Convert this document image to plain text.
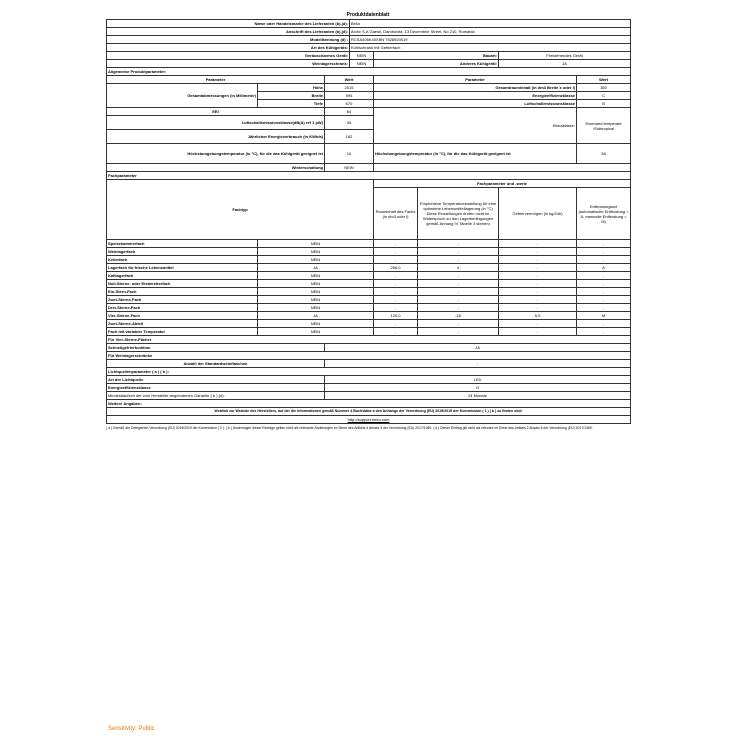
Produktdatenblatt
Name oder Handelsmarke des Lieferanten (b),(d):			Beko				
Anschrift des Lieferanten (b),(d):			Arctic S.A Gaesti, Dambovita, 13 Decembrie Street, No 210, Romania				
Modellkennung (d) :			RCSA406K40XBN 7528920019				
Art des Kühlgeräts:			Kühlschrank mit Gefrierfach				
Geräuscharmes Gerät:			NEIN	Bauart:		Freistehendes Gerät	
Weinlagerschrank:			NEIN	Anderes Kühlgerät:		JA	
Allgemeine Produktparameter:							
Parameter		Wert		Parameter			Wert
Gesamtabmessungen (in Millimeter)	Höhe	2015		Gesamtrauminhalt (in dm3 Breite x oder l)			360
	Breite	595		Energieeffizienzklasse			C
	Tiefe	670		Luftschallemissionsklasse			B
EEI		84		Klimaklasse:			Extended temperate /Subtropical
Luftschallemissionsklasse(dB(A) ref 1 pW)		35					
Jährlicher Energieverbrauch (in KWh/a)		182					
Höchstumgebungstemperatur (in °C), für die das Kühlgerät geeignet ist		10		Höchstumgebungstemperatur (in °C), für die das Kühlgerät geeignet ist			38
Winterschaltung		NEIN					
Fachparameter							
Fachtyp				Fachparameter und -werte			
				Rauminhalt des Fachs (in dm3 oder l)	Empfohlene Temperatureinstellung für eine optimierte Lebensmittellagerung (in °C) Diese Einstellungen dürfen nicht im Widerspruch zu den Lagerbedingungen gemäß Anhang IV Tabelle 3 stehen)	Gefriervermögen (in kg/24h)	Entfrostungsart (automatische Entfrostung = A, manuelle Entfrostung = M)
Speisekammerfach	NEIN			-	-	-	-
Weinlagerfach	NEIN			-	-	-	-
Kellerfach	NEIN			-	-	-	-
Lagerfach für frische Lebensmittel	JA			266.0	4	-	A
Kaltlagerfach	NEIN			-	-	-	-
Null-Sterne- oder Eisbereiterfach	NEIN			-	-	-	-
Ein-Stern-Fach	NEIN			-	-	-	-
Zwei-Sterne-Fach	NEIN			-	-	-	-
Drei-Sterne-Fach	NEIN			-	-	-	-
Vier-Sterne-Fach	JA			120.0	-18	5.5	M
Zwei-Sterne-Abteil	NEIN			-	-	-	-
Fach mit variabler Temperatur	NEIN			-	-	-	-
Für Vier-Sterne-Fächer							
Schnellgefrierfunktion		JA					
Für Weinlagerschränke							
Anzahl der Standardweinflaschen		-					
Lichtquellenparameter ( a ) ( b ):							
Art der Lichtquelle		LED					
Energieeffizienzklasse		G					
Mindestlaufzeit der vom Hersteller angebotenen Garantie ( b ),(d) :		24 Monate					
Weitere Angaben:							
Weblink zur Website des Herstellers, auf der die Informationen gemäß Nummer 4 Buchstabe a des Anhangs der Verordnung (EU) 2019/2019 der Kommission ( 1 ) ( b ) zu finden sind:							
http://support.beko.com							
( a ) Gemäß der Delegierten Verordnung (EU) 2019/2019 der Kommission ( 2 ). ( b ) Änderungen dieser Einträge gelten nicht als relevante Änderungen im Sinne des Artikels 4 Absatz 4 der Verordnung (EU) 2017/1369. ( d ) Dieser Eintrag gilt nicht als relevant im Sinne des Artikels 2 Absatz 6 der Verordnung (EU) 2017/1369.
Sensitivity: Public
